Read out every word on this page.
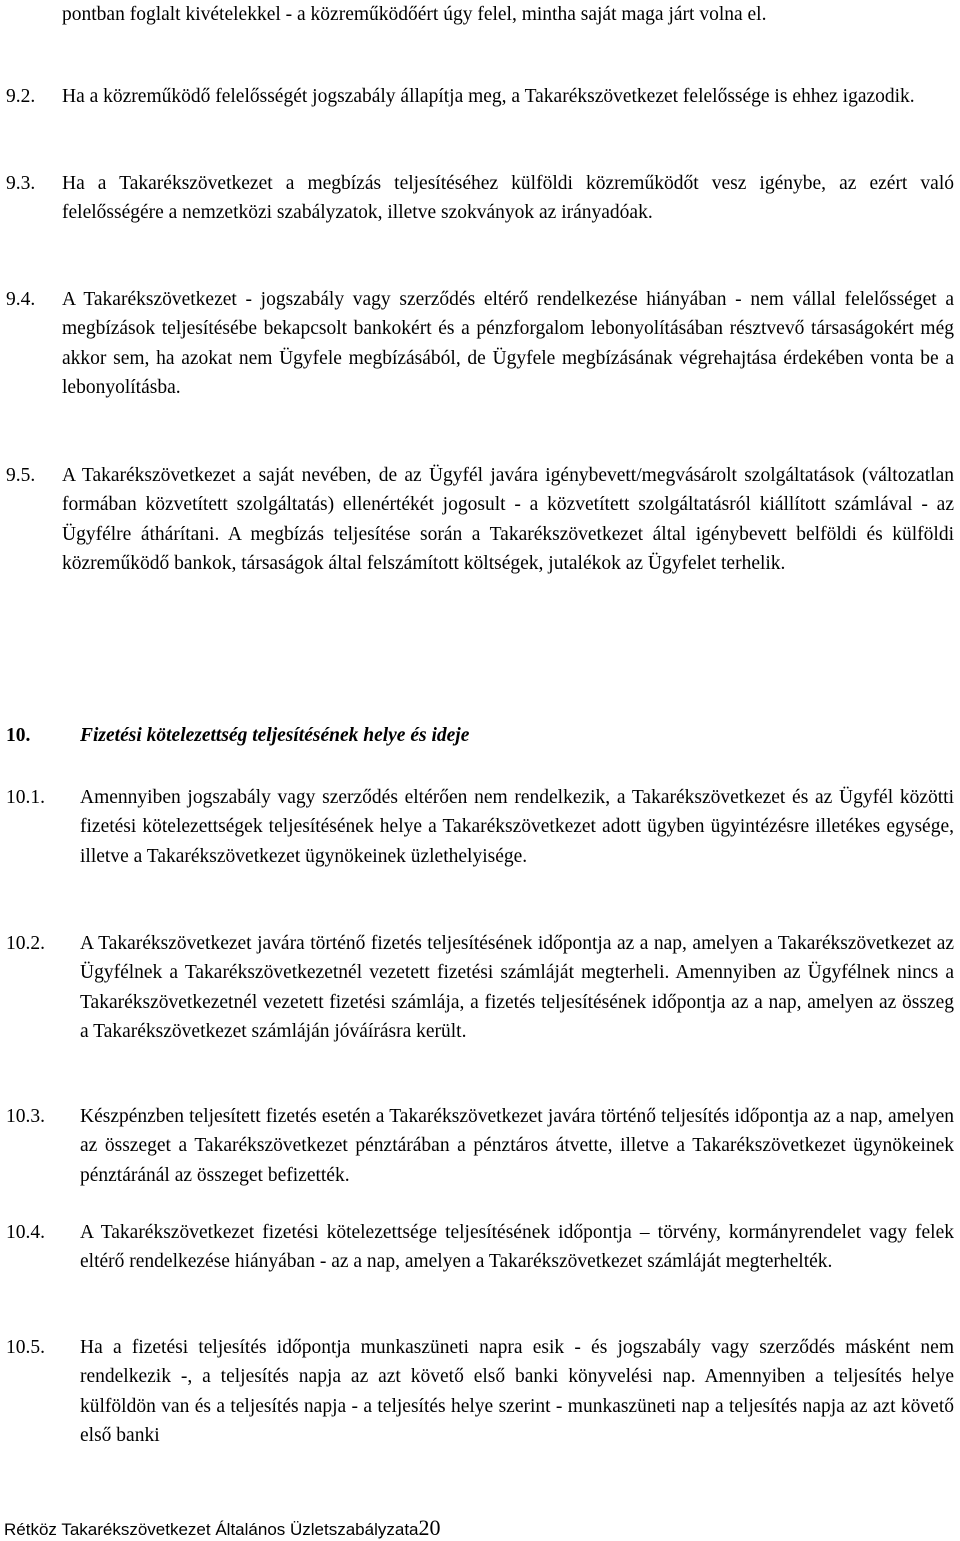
pontban foglalt kivételekkel - a közreműködőért úgy felel, mintha saját maga járt volna el.
9.2. Ha a közreműködő felelősségét jogszabály állapítja meg, a Takarékszövetkezet felelőssége is ehhez igazodik.
9.3. Ha a Takarékszövetkezet a megbízás teljesítéséhez külföldi közreműködőt vesz igénybe, az ezért való felelősségére a nemzetközi szabályzatok, illetve szokványok az irányadóak.
9.4. A Takarékszövetkezet - jogszabály vagy szerződés eltérő rendelkezése hiányában - nem vállal felelősséget a megbízások teljesítésébe bekapcsolt bankokért és a pénzforgalom lebonyolításában résztvevő társaságokért még akkor sem, ha azokat nem Ügyfele megbízásából, de Ügyfele megbízásának végrehajtása érdekében vonta be a lebonyolításba.
9.5. A Takarékszövetkezet a saját nevében, de az Ügyfél javára igénybevett/megvásárolt szolgáltatások (változatlan formában közvetített szolgáltatás) ellenértékét jogosult - a közvetített szolgáltatásról kiállított számlával - az Ügyfélre áthárítani. A megbízás teljesítése során a Takarékszövetkezet által igénybevett belföldi és külföldi közreműködő bankok, társaságok által felszámított költségek, jutalékok az Ügyfelet terhelik.
10.	Fizetési kötelezettség teljesítésének helye és ideje
10.1. Amennyiben jogszabály vagy szerződés eltérően nem rendelkezik, a Takarékszövetkezet és az Ügyfél közötti fizetési kötelezettségek teljesítésének helye a Takarékszövetkezet adott ügyben ügyintézésre illetékes egysége, illetve a Takarékszövetkezet ügynökeinek üzlethelyisége.
10.2. A Takarékszövetkezet javára történő fizetés teljesítésének időpontja az a nap, amelyen a Takarékszövetkezet az Ügyfélnek a Takarékszövetkezetnél vezetett fizetési számláját megterheli. Amennyiben az Ügyfélnek nincs a Takarékszövetkezetnél vezetett fizetési számlája, a fizetés teljesítésének időpontja az a nap, amelyen az összeg a Takarékszövetkezet számláján jóváírásra került.
10.3. Készpénzben teljesített fizetés esetén a Takarékszövetkezet javára történő teljesítés időpontja az a nap, amelyen az összeget a Takarékszövetkezet pénztárában a pénztáros átvette, illetve a Takarékszövetkezet ügynökeinek pénztáránál az összeget befizették.
10.4. A Takarékszövetkezet fizetési kötelezettsége teljesítésének időpontja – törvény, kormányrendelet vagy felek eltérő rendelkezése hiányában - az a nap, amelyen a Takarékszövetkezet számláját megterhelték.
10.5. Ha a fizetési teljesítés időpontja munkaszüneti napra esik - és jogszabály vagy szerződés másként nem rendelkezik -, a teljesítés napja az azt követő első banki könyvelési nap. Amennyiben a teljesítés helye külföldön van és a teljesítés napja - a teljesítés helye szerint - munkaszüneti nap a teljesítés napja az azt követő első banki
Rétköz Takarékszövetkezet Általános Üzletszabályzata20
